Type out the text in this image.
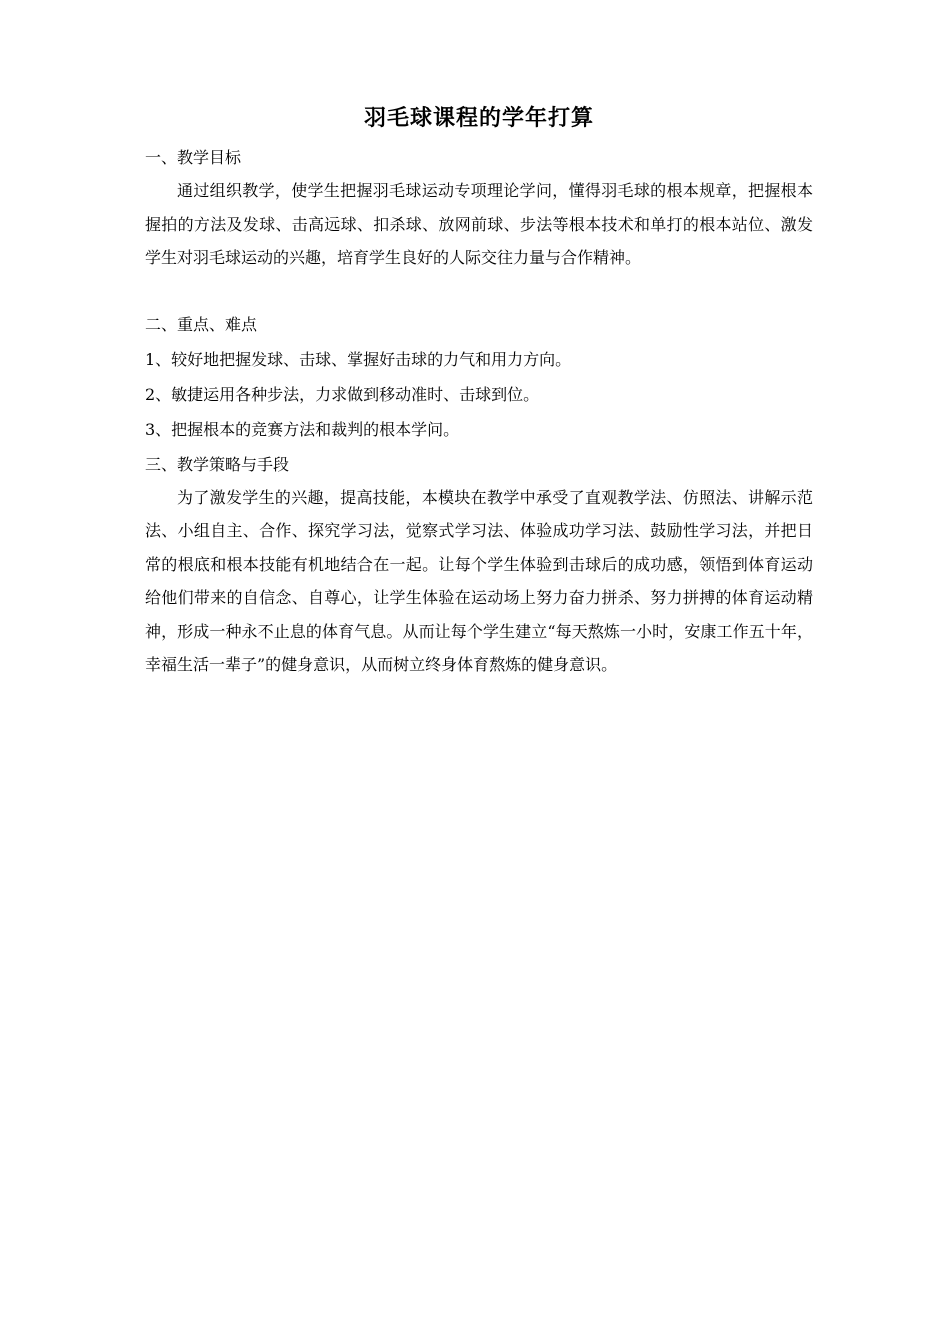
羽毛球课程的学年打算

一、教学目标

通过组织教学，使学生把握羽毛球运动专项理论学问，懂得羽毛球的根本规章，把握根本握拍的方法及发球、击高远球、扣杀球、放网前球、步法等根本技术和单打的根本站位、激发学生对羽毛球运动的兴趣，培育学生良好的人际交往力量与合作精神。

二、重点、难点

1、较好地把握发球、击球、掌握好击球的力气和用力方向。

2、敏捷运用各种步法，力求做到移动准时、击球到位。

3、把握根本的竞赛方法和裁判的根本学问。

三、教学策略与手段

为了激发学生的兴趣，提高技能，本模块在教学中承受了直观教学法、仿照法、讲解示范法、小组自主、合作、探究学习法，觉察式学习法、体验成功学习法、鼓励性学习法，并把日常的根底和根本技能有机地结合在一起。让每个学生体验到击球后的成功感，领悟到体育运动给他们带来的自信念、自尊心，让学生体验在运动场上努力奋力拼杀、努力拼搏的体育运动精神，形成一种永不止息的体育气息。从而让每个学生建立“每天熬炼一小时，安康工作五十年，幸福生活一辈子”的健身意识，从而树立终身体育熬炼的健身意识。
